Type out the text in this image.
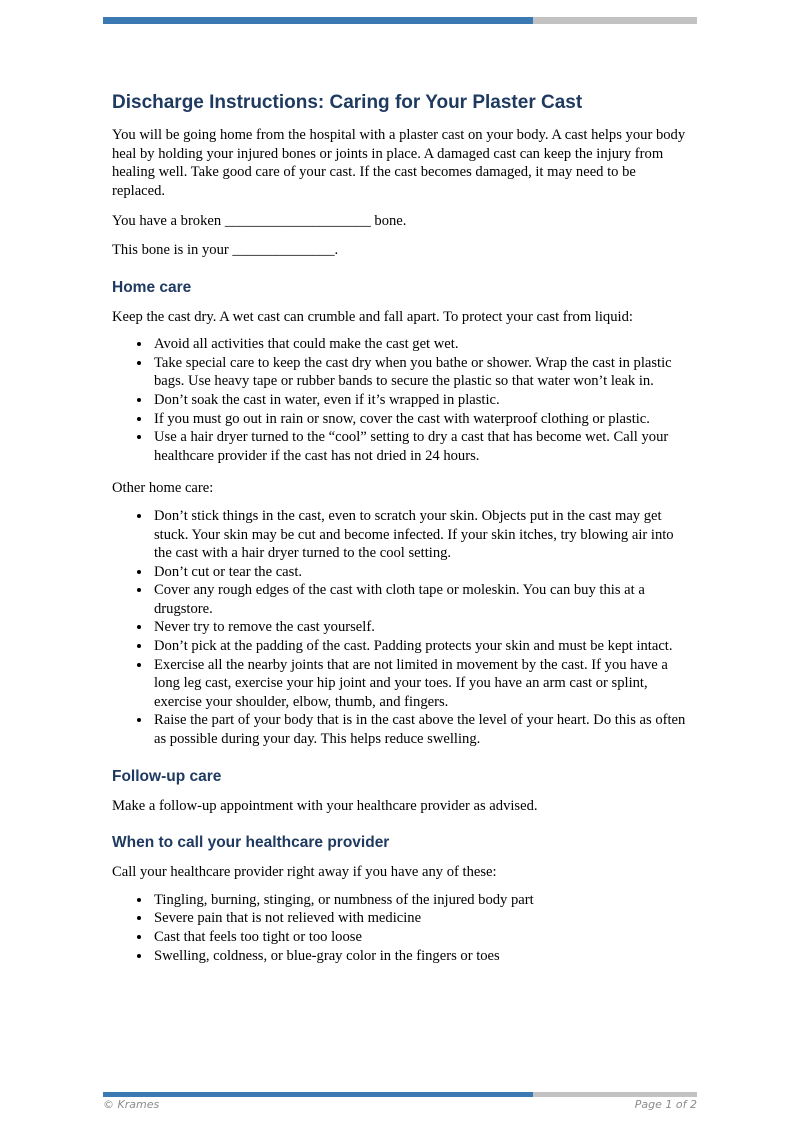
Discharge Instructions: Caring for Your Plaster Cast

You will be going home from the hospital with a plaster cast on your body. A cast helps your body heal by holding your injured bones or joints in place. A damaged cast can keep the injury from healing well. Take good care of your cast. If the cast becomes damaged, it may need to be replaced.

You have a broken ____________________ bone.

This bone is in your ______________.

Home care

Keep the cast dry. A wet cast can crumble and fall apart. To protect your cast from liquid:

• Avoid all activities that could make the cast get wet.
• Take special care to keep the cast dry when you bathe or shower. Wrap the cast in plastic bags. Use heavy tape or rubber bands to secure the plastic so that water won’t leak in.
• Don’t soak the cast in water, even if it’s wrapped in plastic.
• If you must go out in rain or snow, cover the cast with waterproof clothing or plastic.
• Use a hair dryer turned to the “cool” setting to dry a cast that has become wet. Call your healthcare provider if the cast has not dried in 24 hours.

Other home care:

• Don’t stick things in the cast, even to scratch your skin. Objects put in the cast may get stuck. Your skin may be cut and become infected. If your skin itches, try blowing air into the cast with a hair dryer turned to the cool setting.
• Don’t cut or tear the cast.
• Cover any rough edges of the cast with cloth tape or moleskin. You can buy this at a drugstore.
• Never try to remove the cast yourself.
• Don’t pick at the padding of the cast. Padding protects your skin and must be kept intact.
• Exercise all the nearby joints that are not limited in movement by the cast. If you have a long leg cast, exercise your hip joint and your toes. If you have an arm cast or splint, exercise your shoulder, elbow, thumb, and fingers.
• Raise the part of your body that is in the cast above the level of your heart. Do this as often as possible during your day. This helps reduce swelling.
Follow-up care

Make a follow-up appointment with your healthcare provider as advised.

When to call your healthcare provider

Call your healthcare provider right away if you have any of these:

• Tingling, burning, stinging, or numbness of the injured body part
• Severe pain that is not relieved with medicine
• Cast that feels too tight or too loose
• Swelling, coldness, or blue-gray color in the fingers or toes
© Krames	Page 1 of 2
